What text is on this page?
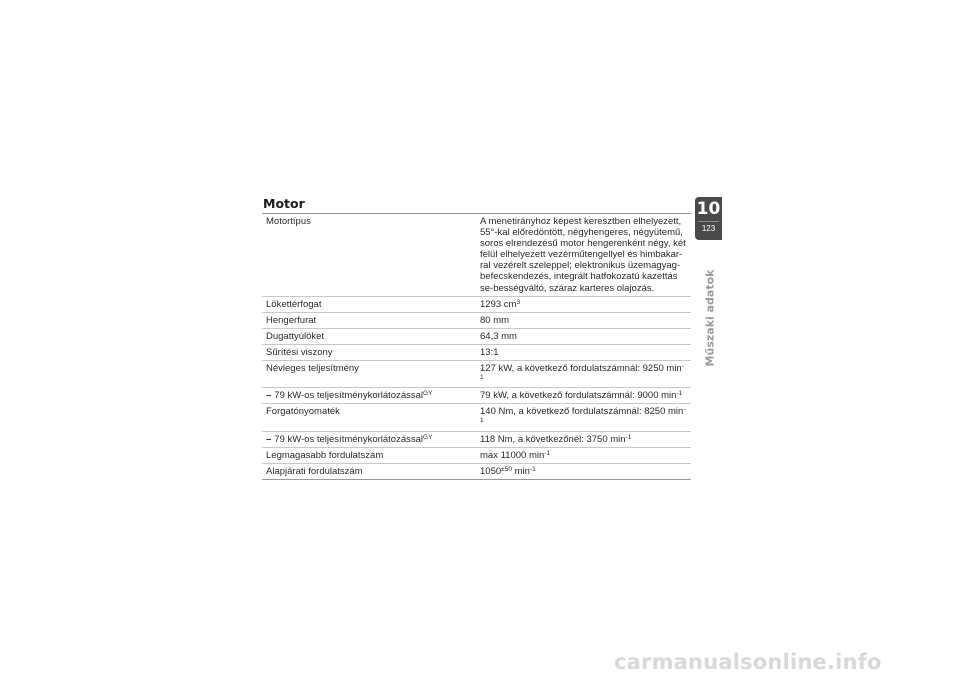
Motor
Motortípus	A menetirányhoz képest keresztben elhelyezett, 55°-kal előredöntött, négyhengeres, négyütemű, soros elrendezésű motor hengerenként négy, két felül elhelyezett vezérműtengellyel és himbakar-ral vezérelt szeleppel; elektronikus üzemagyag-befecskendezés, integrált hatfokozatú kazettás se-bességváltó, száraz karteres olajozás.
Lökettérfogat	1293 $cm^3$
Hengerfurat	80 mm
Dugattyúlöket	64,3 mm
Sűrítési viszony	13:1
Névleges teljesítmény	127 kW, a következő fordulatszámnál: 9250 $\min^{-1}$
– 79 kW-os teljesítménykorlátozással$^{GY}$	79 kW, a következő fordulatszámnál: 9000 $\min^{-1}$
Forgatónyomaték	140 Nm, a következő fordulatszámnál: 8250 $\min^{-1}$
– 79 kW-os teljesítménykorlátozással$^{GY}$	118 Nm, a következőnél: 3750 $\min^{-1}$
Legmagasabb fordulatszám	max 11000 $\min^{-1}$
Alapjárati fordulatszám	$1050^{\pm 50}$ $\min^{-1}$
10
123
Műszaki adatok
carmanualsonline.info
